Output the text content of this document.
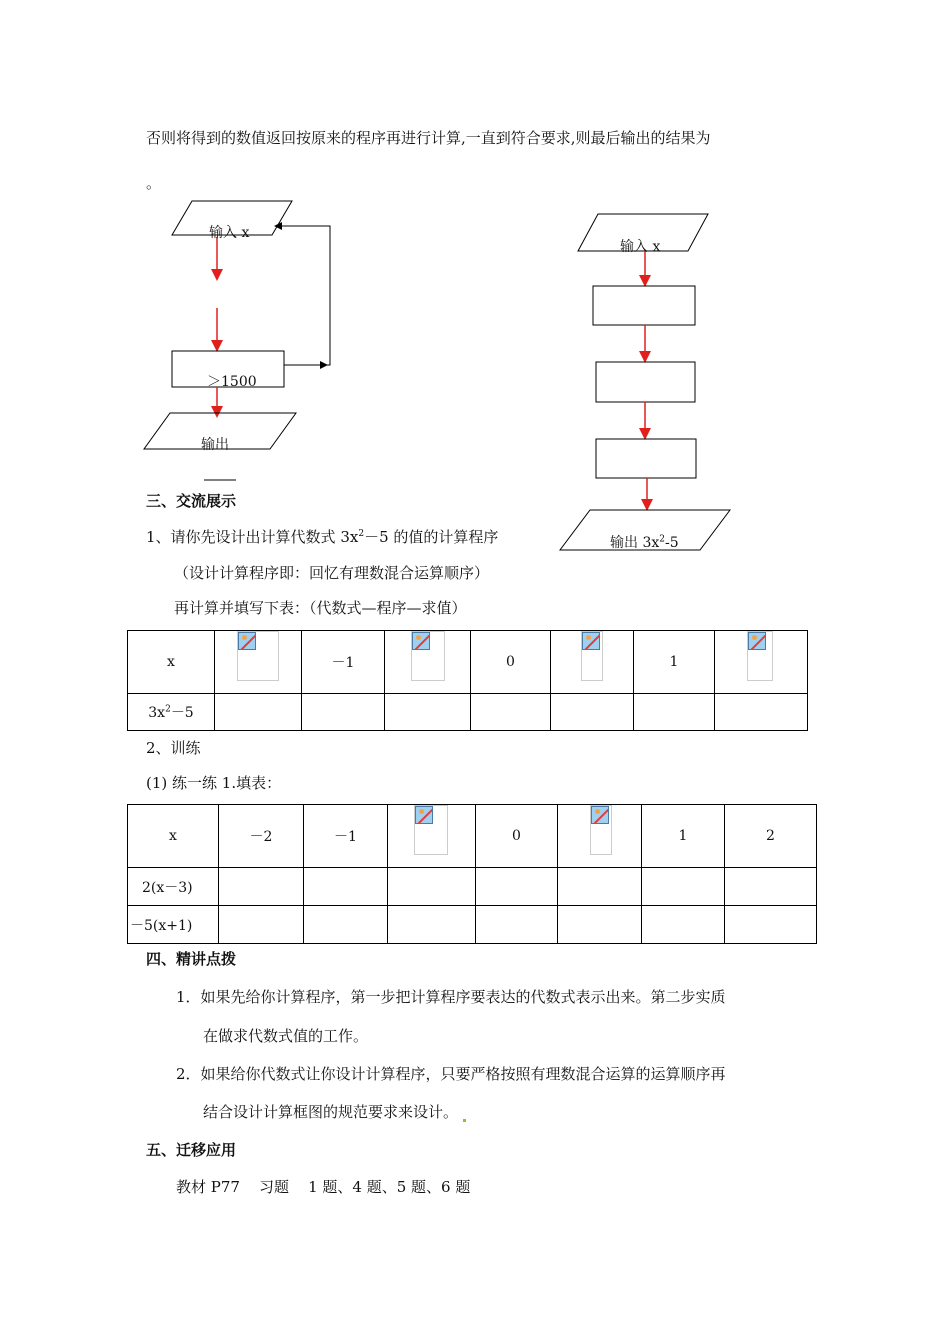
否则将得到的数值返回按原来的程序再进行计算,一直到符合要求,则最后输出的结果为
。
输入 x
＞1500
输出
输入 x
输出 $3x^2-5$
三、交流展示
1、请你先设计出计算代数式 $3x^2-5$ 的值的计算程序
（设计计算程序即：回忆有理数混合运算顺序）
再计算并填写下表：（代数式—程序—求值）
x		－1		0		1	

$3x^2-5$							
2、训练
(1) 练一练 1.填表：
x	－2	－1		0		1	2
2(x－3)							
－5(x+1)							
四、精讲点拨
1．如果先给你计算程序，第一步把计算程序要表达的代数式表示出来。第二步实质
在做求代数式值的工作。
2．如果给你代数式让你设计计算程序，只要严格按照有理数混合运算的运算顺序再
结合设计计算框图的规范要求来设计。
五、迁移应用
教材 P77    习题    1 题、4 题、5 题、6 题
